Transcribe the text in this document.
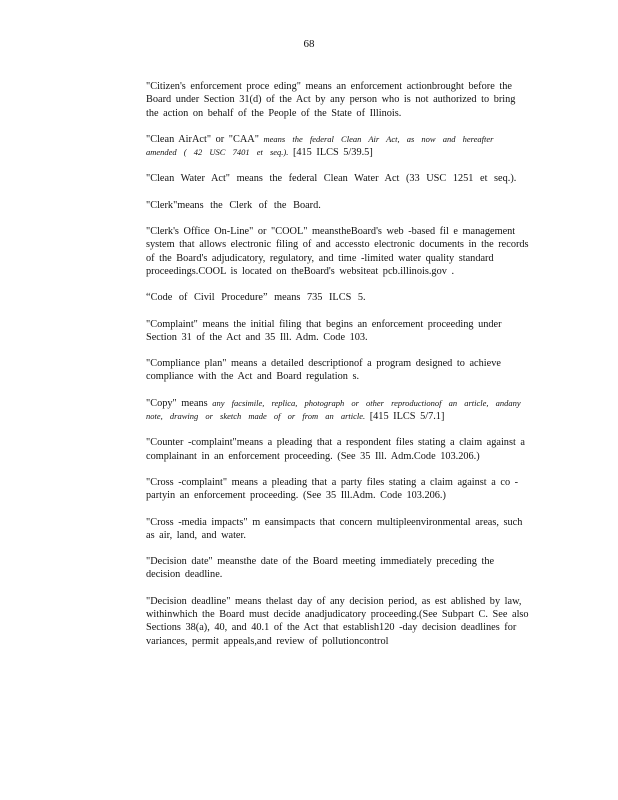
68

"Citizen's enforcement proce eding" means an enforcement actionbrought before the Board under Section 31(d) of the Act by any person who is not authorized to bring the action on behalf of the People of the State of Illinois.

"Clean AirAct" or "CAA" means the federal Clean Air Act, as now and hereafter amended ( 42 USC 7401 et seq.). [415 ILCS 5/39.5]

"Clean Water Act" means the federal Clean Water Act (33 USC 1251 et seq.).

"Clerk"means the Clerk of the Board.

"Clerk's Office On-Line" or "COOL" meanstheBoard's web -based fil e management system that allows electronic filing of and accessto electronic documents in the records of the Board's adjudicatory, regulatory, and time -limited water quality standard proceedings.COOL is located on theBoard's websiteat pcb.illinois.gov .

“Code of Civil Procedure” means 735 ILCS 5.

"Complaint" means the initial filing that begins an enforcement proceeding under Section 31 of the Act and 35 Ill. Adm. Code 103.

"Compliance plan" means a detailed descriptionof a program designed to achieve compliance with the Act and Board regulation s.

"Copy" means any facsimile, replica, photograph or other reproductionof an article, andany note, drawing or sketch made of or from an article. [415 ILCS 5/7.1]

"Counter -complaint"means a pleading that a respondent files stating a claim against a complainant in an enforcement proceeding. (See 35 Ill. Adm.Code 103.206.)

"Cross -complaint" means a pleading that a party files stating a claim against a co -partyin an enforcement proceeding. (See 35 Ill.Adm. Code 103.206.)

"Cross -media impacts" m eansimpacts that concern multipleenvironmental areas, such as air, land, and water.

"Decision date" meansthe date of the Board meeting immediately preceding the decision deadline.

"Decision deadline" means thelast day of any decision period, as est ablished by law, withinwhich the Board must decide anadjudicatory proceeding.(See Subpart C. See also Sections 38(a), 40, and 40.1 of the Act that establish120 -day decision deadlines for variances, permit appeals,and review of pollutioncontrol
